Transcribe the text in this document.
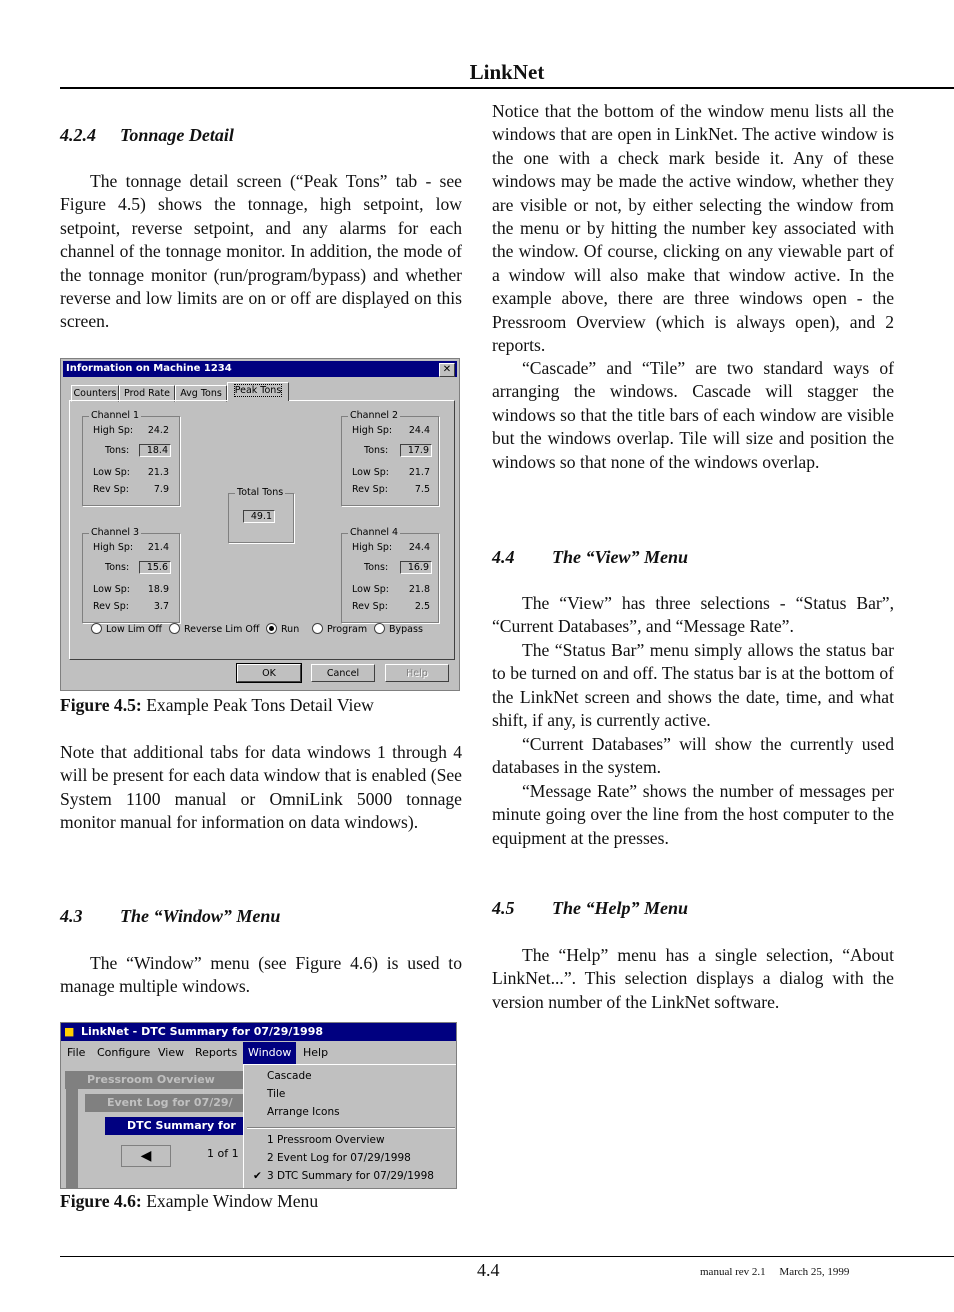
LinkNet
4.2.4 Tonnage Detail

The tonnage detail screen (“Peak Tons” tab - see Figure 4.5) shows the tonnage, high setpoint, low setpoint, reverse setpoint, and any alarms for each channel of the tonnage monitor. In addition, the mode of the tonnage monitor (run/program/bypass) and whether reverse and low limits are on or off are displayed on this screen.

Information on Machine 1234	✕
Counters Prod Rate	Avg Tons	Peak Tons
Channel 1
High Sp:	24.2
Tons:	18.4
Low Sp:	21.3
Rev Sp:	7.9
Channel 2
High Sp:	24.4
Tons:	17.9
Low Sp:	21.7
Rev Sp:	7.5
Total Tons
49.1
Channel 3
High Sp:	21.4
Tons:	15.6
Low Sp:	18.9
Rev Sp:	3.7
Channel 4
High Sp:	24.4
Tons:	16.9
Low Sp:	21.8
Rev Sp:	2.5
Low Lim Off	Reverse Lim Off	Run	Program	Bypass
OK	Cancel	Help
Figure 4.5: Example Peak Tons Detail View

Note that additional tabs for data windows 1 through 4 will be present for each data window that is enabled (See System 1100 manual or OmniLink 5000 tonnage monitor manual for information on data windows).

4.3 The “Window” Menu

The “Window” menu (see Figure 4.6) is used to manage multiple windows.

LinkNet - DTC Summary for 07/29/1998
■
File Configure View Reports Window	Help
Pressroom Overview
Event Log for 07/29/
DTC Summary for
◀	1 of 1
Cascade
Tile
Arrange Icons
1 Pressroom Overview
2 Event Log for 07/29/1998
✔ 3 DTC Summary for 07/29/1998
Figure 4.6: Example Window Menu

Notice that the bottom of the window menu lists all the windows that are open in LinkNet. The active window is the one with a check mark beside it. Any of these windows may be made the active window, whether they are visible or not, by either selecting the window from the menu or by hitting the number key associated with the window. Of course, clicking on any viewable part of a window will also make that window active. In the example above, there are three windows open - the Pressroom Overview (which is always open), and 2 reports.

“Cascade” and “Tile” are two standard ways of arranging the windows. Cascade will stagger the windows so that the title bars of each window are visible but the windows overlap. Tile will size and position the windows so that none of the windows overlap.

4.4 The “View” Menu

The “View” has three selections - “Status Bar”, “Current Databases”, and “Message Rate”.

The “Status Bar” menu simply allows the status bar to be turned on and off. The status bar is at the bottom of the LinkNet screen and shows the date, time, and what shift, if any, is currently active.

“Current Databases” will show the currently used databases in the system.

“Message Rate” shows the number of messages per minute going over the line from the host computer to the equipment at the presses.

4.5 The “Help” Menu

The “Help” menu has a single selection, “About LinkNet...”. This selection displays a dialog with the version number of the LinkNet software.

4.4	manual rev 2.1     March 25, 1999
